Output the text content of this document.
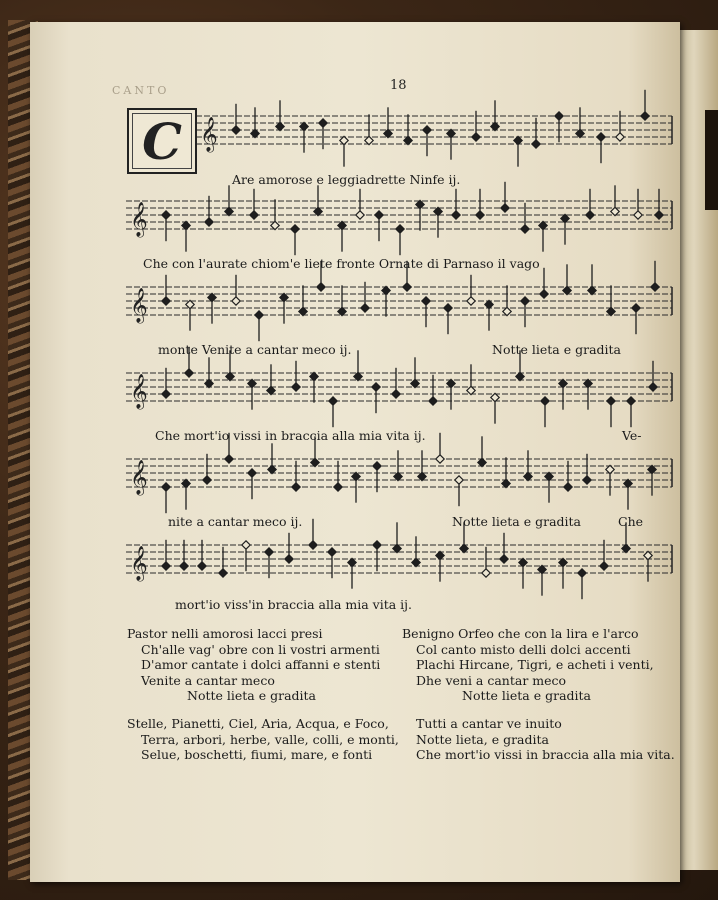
CANTO	18
𝄞
𝄞
𝄞
𝄞
𝄞
𝄞
C
Are amorose e leggiadrette Ninfe ij.
Che con l'aurate chiom'e liete fronte Ornate di Parnaso il vago
monte Venite a cantar meco ij.	Notte lieta e gradita
Che mort'io vissi in braccia alla mia vita ij.	Ve-
nite a cantar meco ij.	Notte lieta e gradita	Che
mort'io viss'in braccia alla mia vita ij.
Pastor nelli amorosi lacci presi
Ch'alle vag' obre con li vostri armenti
D'amor cantate i dolci affanni e stenti
Venite a cantar meco
Notte lieta e gradita
Benigno Orfeo che con la lira e l'arco
Col canto misto delli dolci accenti
Plachi Hircane, Tigri, e acheti i venti,
Dhe veni a cantar meco
Notte lieta e gradita
Stelle, Pianetti, Ciel, Aria, Acqua, e Foco,
Terra, arbori, herbe, valle, colli, e monti,
Selue, boschetti, fiumi, mare, e fonti
Tutti a cantar ve inuito
Notte lieta, e gradita
Che mort'io vissi in braccia alla mia vita.
